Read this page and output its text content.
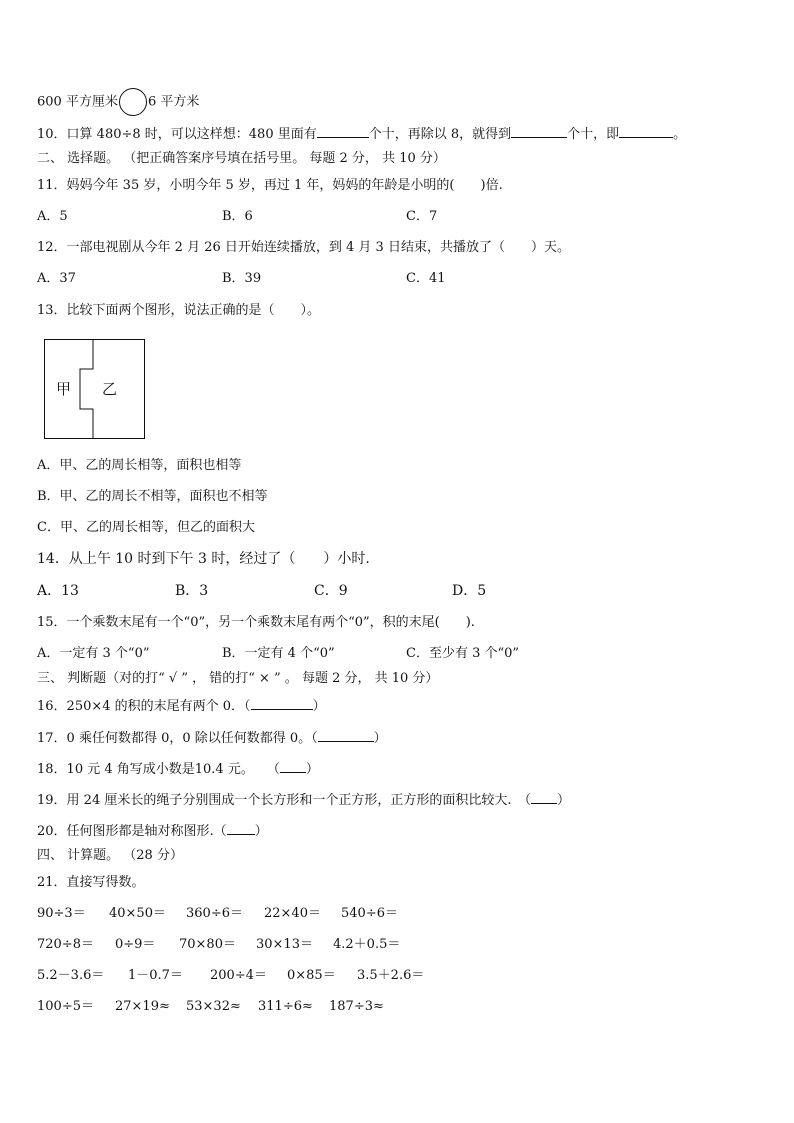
600 平方厘米 6 平方米
10．口算 480÷8 时，可以这样想：480 里面有	个十，再除以 8，就得到	个十，即	。
二、 选择题。 （把正确答案序号填在括号里。 每题 2 分， 共 10 分）
11．妈妈今年 35 岁，小明今年 5 岁，再过 1 年，妈妈的年龄是小明的(　　)倍.
A．5	B．6	C．7
12．一部电视剧从今年 2 月 26 日开始连续播放，到 4 月 3 日结束，共播放了（　　）天。
A．37	B．39	C．41
13．比较下面两个图形，说法正确的是（　　）。
甲 乙
A．甲、乙的周长相等，面积也相等
B．甲、乙的周长不相等，面积也不相等
C．甲、乙的周长相等，但乙的面积大
14．从上午 10 时到下午 3 时，经过了（　　）小时.
A．13	B．3	C．9	D．5
15．一个乘数末尾有一个“0”，另一个乘数末尾有两个“0”，积的末尾(　　).
A．一定有 3 个“0”	B．一定有 4 个“0”	C．至少有 3 个“0”
三、 判断题（对的打“ √ ” ， 错的打“ × ” 。 每题 2 分， 共 10 分）
16．250×4 的积的末尾有两个 0．（	）
17．0 乘任何数都得 0，0 除以任何数都得 0。（	）
18．10 元 4 角写成小数是10.4 元。　　（ ）
19．用 24 厘米长的绳子分别围成一个长方形和一个正方形，正方形的面积比较大.　（ ）
20．任何图形都是轴对称图形.（ ）
四、 计算题。 （28 分）
21．直接写得数。
90÷3＝ 40×50＝ 360÷6＝ 22×40＝ 540÷6＝
720÷8＝ 0÷9＝ 70×80＝ 30×13＝ 4.2＋0.5＝
5.2－3.6＝ 1－0.7＝ 200÷4＝ 0×85＝ 3.5＋2.6＝
100÷5＝ 27×19≈ 53×32≈ 311÷6≈ 187÷3≈
